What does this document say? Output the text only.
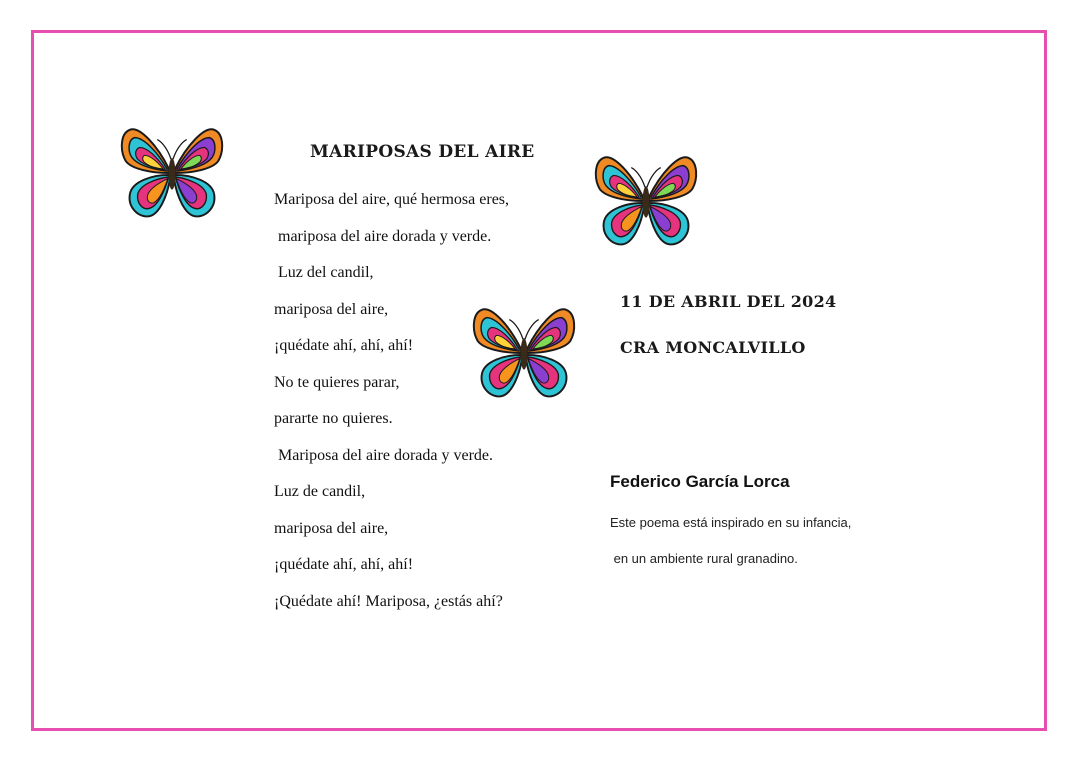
MARIPOSAS DEL AIRE
Mariposa del aire, qué hermosa eres,
mariposa del aire dorada y verde.
Luz del candil,
mariposa del aire,
¡quédate ahí, ahí, ahí!
No te quieres parar,
pararte no quieres.
Mariposa del aire dorada y verde.
Luz de candil,
mariposa del aire,
¡quédate ahí, ahí, ahí!
¡Quédate ahí! Mariposa, ¿estás ahí?
11 DE ABRIL DEL 2024
CRA MONCALVILLO
Federico García Lorca
Este poema está inspirado en su infancia,
en un ambiente rural granadino.
